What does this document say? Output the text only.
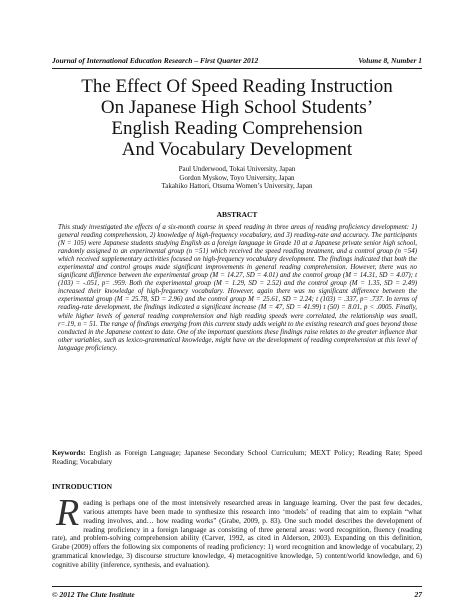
Journal of International Education Research – First Quarter 2012	Volume 8, Number 1
The Effect Of Speed Reading Instruction
On Japanese High School Students’
English Reading Comprehension
And Vocabulary Development
Paul Underwood, Tokai University, Japan
Gordon Myskow, Toyo University, Japan
Takahiko Hattori, Otsuma Women’s University, Japan
ABSTRACT
This study investigated the effects of a six-month course in speed reading in three areas of reading proficiency development: 1) general reading comprehension, 2) knowledge of high-frequency vocabulary, and 3) reading-rate and accuracy. The participants (N = 105) were Japanese students studying English as a foreign language in Grade 10 at a Japanese private senior high school, randomly assigned to an experimental group (n =51) which received the speed reading treatment, and a control group (n =54) which received supplementary activities focused on high-frequency vocabulary development. The findings indicated that both the experimental and control groups made significant improvements in general reading comprehension. However, there was no significant difference between the experimental group (M = 14.27, SD = 4.01) and the control group (M = 14.31, SD = 4.07); t (103) = -.051, p= .959. Both the experimental group (M = 1.29, SD = 2.52) and the control group (M = 1.35, SD = 2.49) increased their knowledge of high-frequency vocabulary. However, again there was no significant difference between the experimental group (M = 25.78, SD = 2.96) and the control group M = 25.61, SD = 2.24; t (103) = .337, p= .737. In terms of reading-rate development, the findings indicated a significant increase (M = 47, SD = 41.99) t (50) = 8.01, p < .0005. Finally, while higher levels of general reading comprehension and high reading speeds were correlated, the relationship was small, r=.19, n = 51. The range of findings emerging from this current study adds weight to the existing research and goes beyond those conducted in the Japanese context to date. One of the important questions these findings raise relates to the greater influence that other variables, such as lexico-grammatical knowledge, might have on the development of reading comprehension at this level of language proficiency.
Keywords: English as Foreign Language; Japanese Secondary School Curriculum; MEXT Policy; Reading Rate; Speed Reading; Vocabulary
INTRODUCTION
Reading is perhaps one of the most intensively researched areas in language learning. Over the past few decades, various attempts have been made to synthesize this research into ‘models’ of reading that aim to explain “what reading involves, and… how reading works” (Grabe, 2009, p. 83). One such model describes the development of reading proficiency in a foreign language as consisting of three general areas: word recognition, fluency (reading rate), and problem-solving comprehension ability (Carver, 1992, as cited in Alderson, 2003). Expanding on this definition, Grabe (2009) offers the following six components of reading proficiency: 1) word recognition and knowledge of vocabulary, 2) grammatical knowledge, 3) discourse structure knowledge, 4) metacognitive knowledge, 5) content/world knowledge, and 6) cognitive ability (inference, synthesis, and evaluation).
© 2012 The Clute Institute	27
